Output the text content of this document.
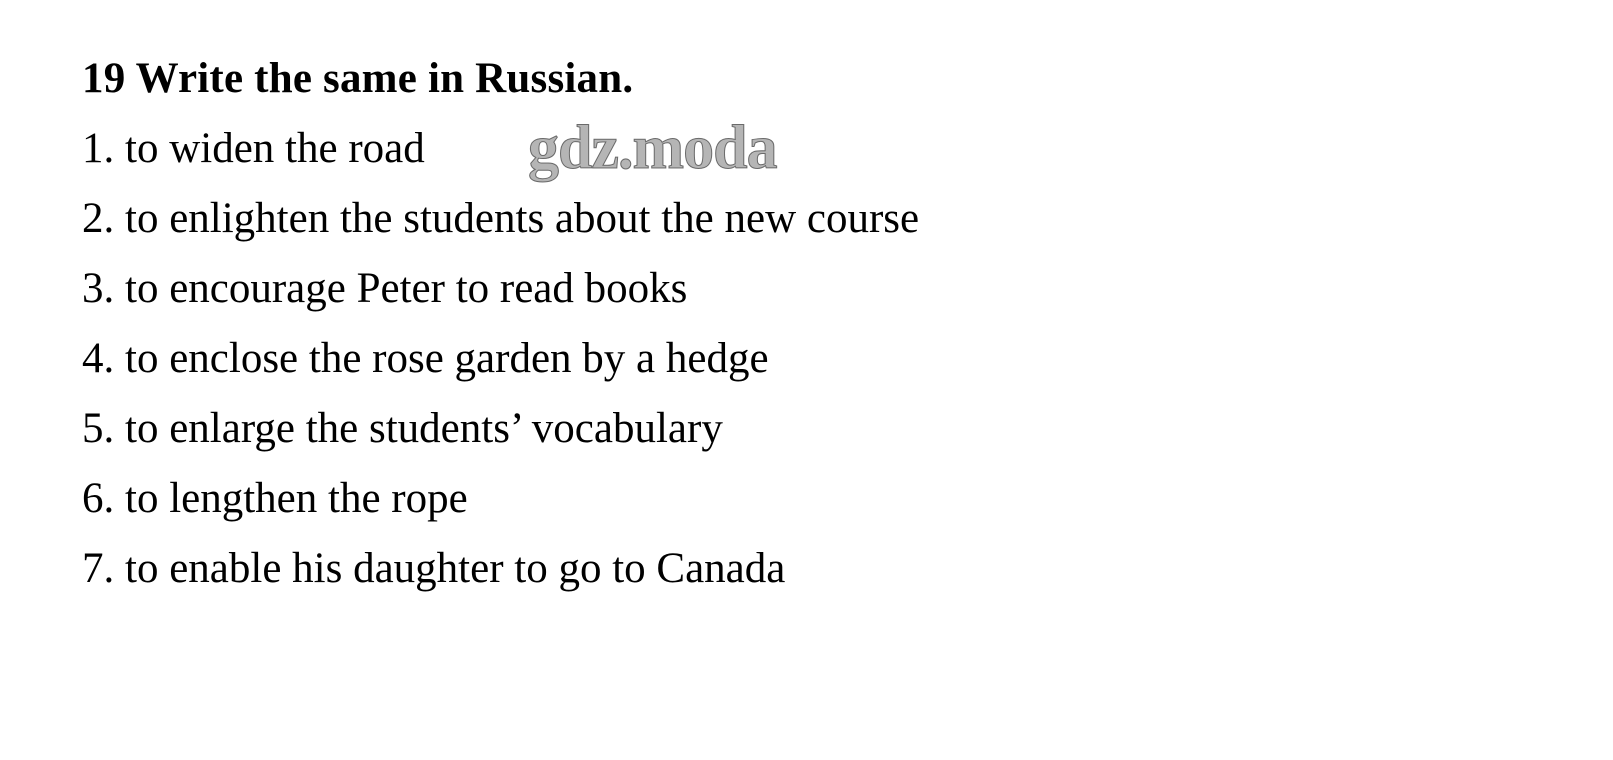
19 Write the same in Russian.
1. to widen the road
2. to enlighten the students about the new course
3. to encourage Peter to read books
4. to enclose the rose garden by a hedge
5. to enlarge the students’ vocabulary
6. to lengthen the rope
7. to enable his daughter to go to Canada
gdz.moda
